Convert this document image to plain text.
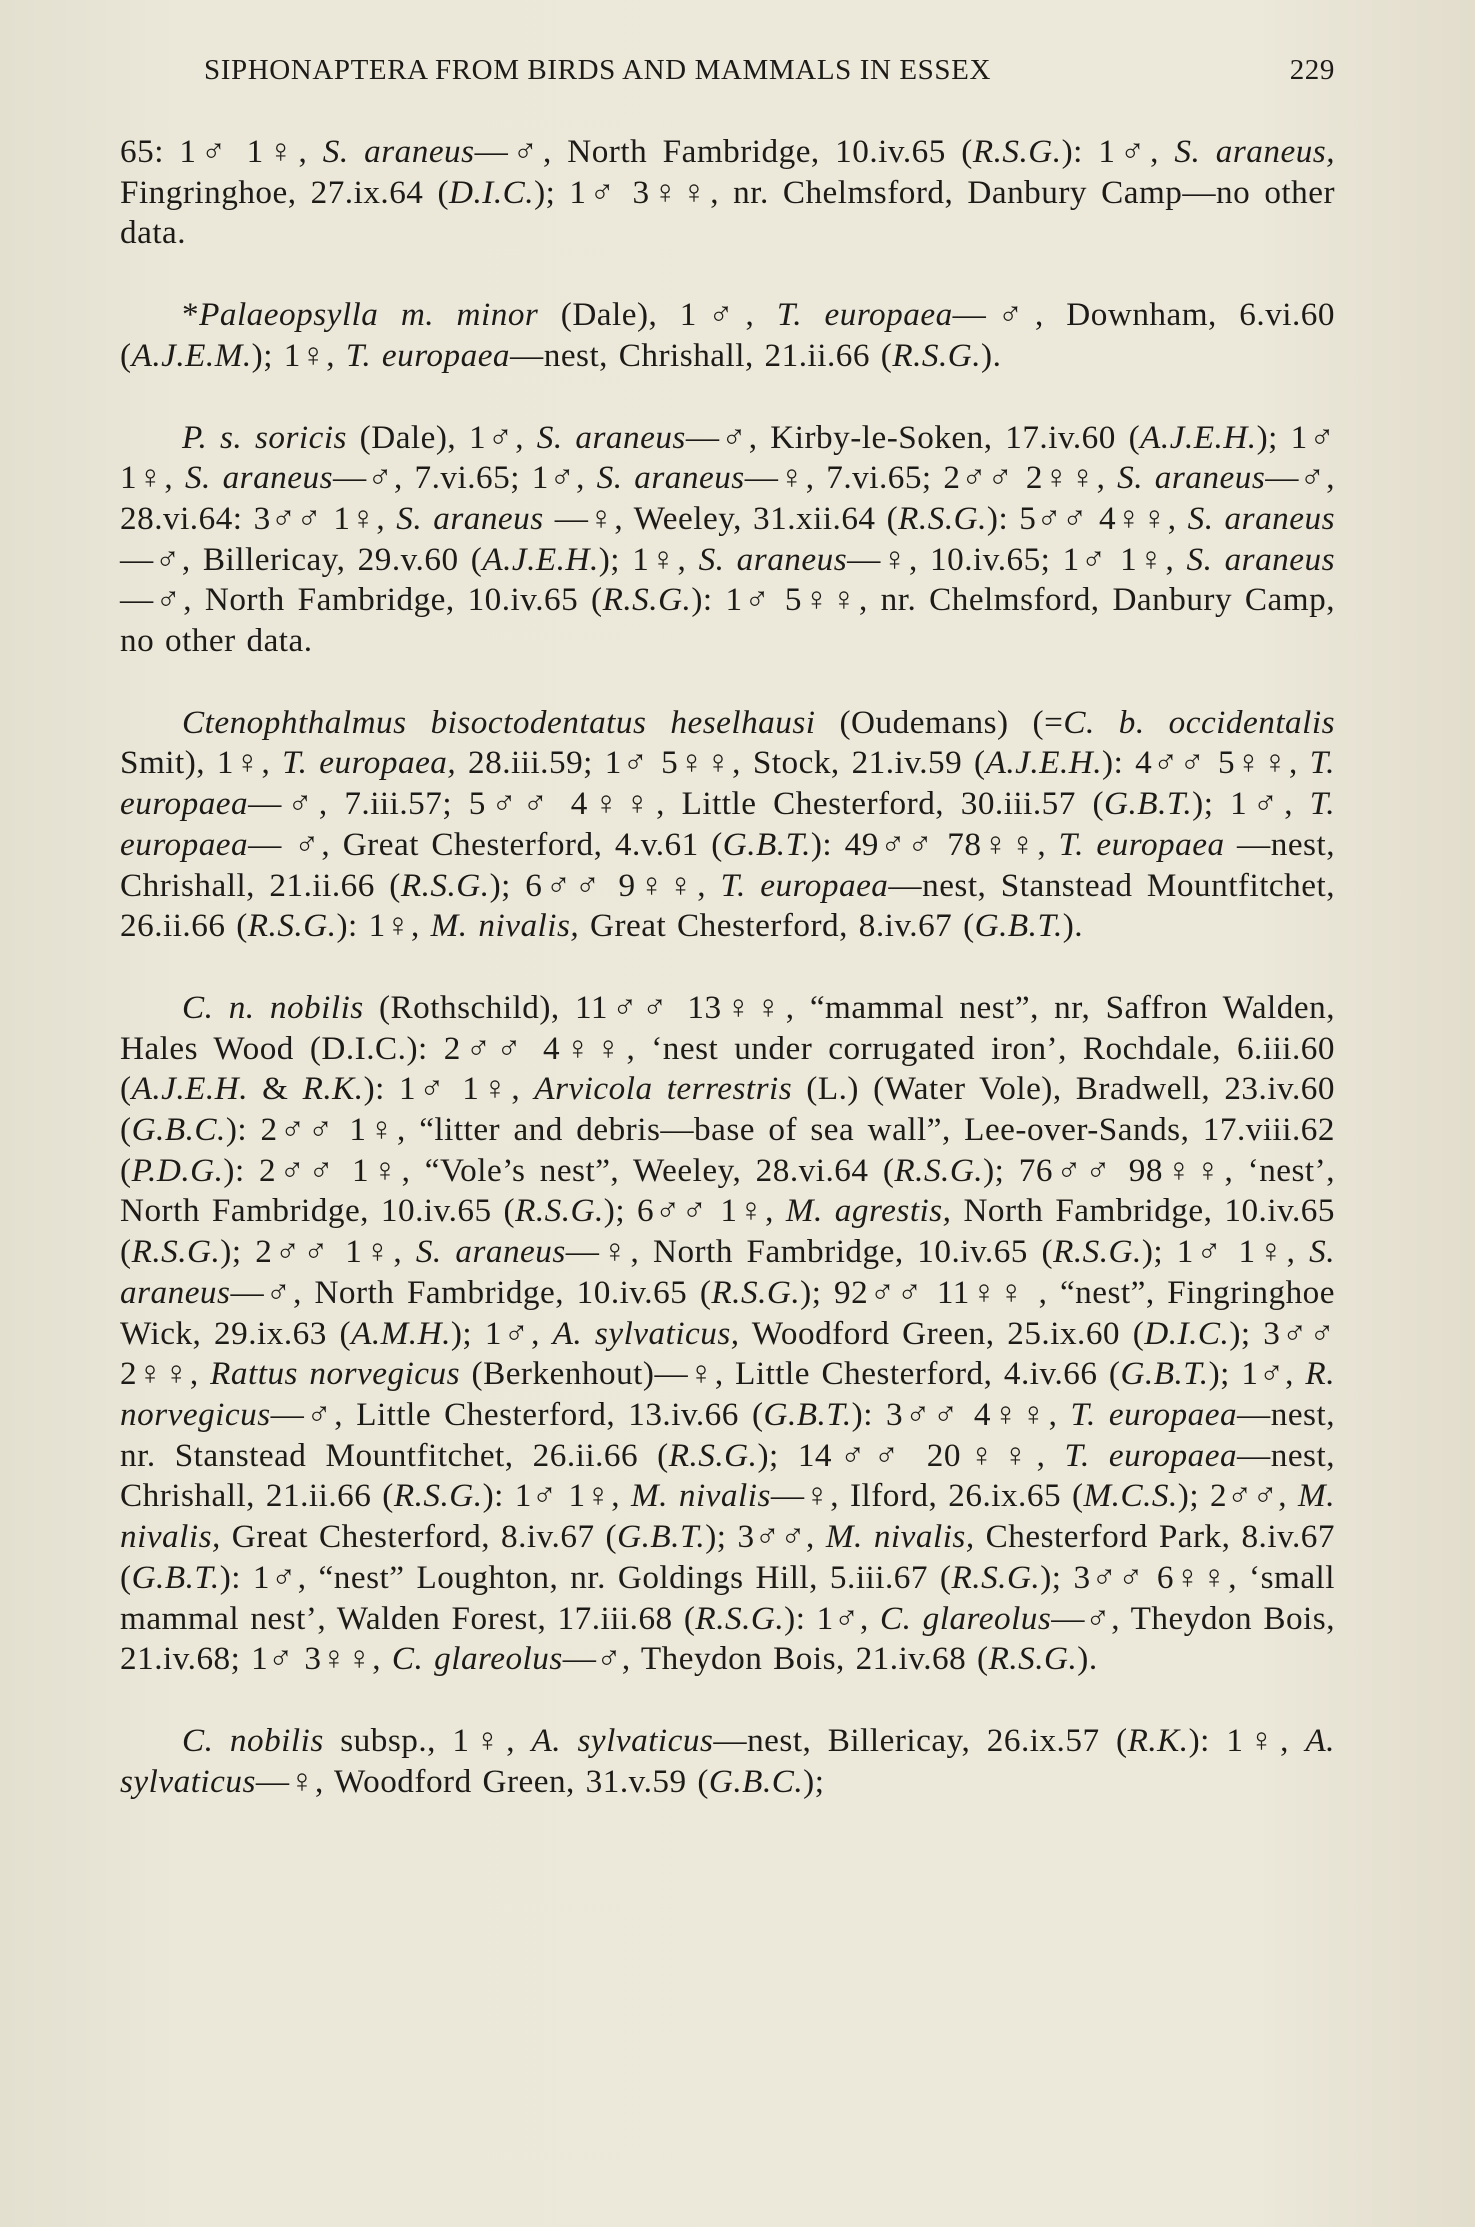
SIPHONAPTERA FROM BIRDS AND MAMMALS IN ESSEX	229

65: 1♂ 1♀, S. araneus—♂, North Fambridge, 10.iv.65 (R.S.G.): 1♂, S. araneus, Fingringhoe, 27.ix.64 (D.I.C.); 1♂ 3♀♀, nr. Chelmsford, Danbury Camp—no other data.

*Palaeopsylla m. minor (Dale), 1♂, T. europaea—♂, Downham, 6.vi.60 (A.J.E.M.); 1♀, T. europaea—nest, Chrishall, 21.ii.66 (R.S.G.).

P. s. soricis (Dale), 1♂, S. araneus—♂, Kirby-le-Soken, 17.iv.60 (A.J.E.H.); 1♂ 1♀, S. araneus—♂, 7.vi.65; 1♂, S. araneus—♀, 7.vi.65; 2♂♂ 2♀♀, S. araneus—♂, 28.vi.64: 3♂♂ 1♀, S. araneus —♀, Weeley, 31.xii.64 (R.S.G.): 5♂♂ 4♀♀, S. araneus—♂, Billericay, 29.v.60 (A.J.E.H.); 1♀, S. araneus—♀, 10.iv.65; 1♂ 1♀, S. araneus—♂, North Fambridge, 10.iv.65 (R.S.G.): 1♂ 5♀♀, nr. Chelmsford, Danbury Camp, no other data.

Ctenophthalmus bisoctodentatus heselhausi (Oudemans) (=C. b. occidentalis Smit), 1♀, T. europaea, 28.iii.59; 1♂ 5♀♀, Stock, 21.iv.59 (A.J.E.H.): 4♂♂ 5♀♀, T. europaea—♂, 7.iii.57; 5♂♂ 4♀♀, Little Chesterford, 30.iii.57 (G.B.T.); 1♂, T. europaea— ♂, Great Chesterford, 4.v.61 (G.B.T.): 49♂♂ 78♀♀, T. europaea —nest, Chrishall, 21.ii.66 (R.S.G.); 6♂♂ 9♀♀, T. europaea—nest, Stanstead Mountfitchet, 26.ii.66 (R.S.G.): 1♀, M. nivalis, Great Chesterford, 8.iv.67 (G.B.T.).

C. n. nobilis (Rothschild), 11♂♂ 13♀♀, “mammal nest”, nr, Saffron Walden, Hales Wood (D.I.C.): 2♂♂ 4♀♀, ‘nest under corrugated iron’, Rochdale, 6.iii.60 (A.J.E.H. & R.K.): 1♂ 1♀, Arvicola terrestris (L.) (Water Vole), Bradwell, 23.iv.60 (G.B.C.): 2♂♂ 1♀, “litter and debris—base of sea wall”, Lee-over-Sands, 17.viii.62 (P.D.G.): 2♂♂ 1♀, “Vole’s nest”, Weeley, 28.vi.64 (R.S.G.); 76♂♂ 98♀♀, ‘nest’, North Fambridge, 10.iv.65 (R.S.G.); 6♂♂ 1♀, M. agrestis, North Fambridge, 10.iv.65 (R.S.G.); 2♂♂ 1♀, S. araneus—♀, North Fambridge, 10.iv.65 (R.S.G.); 1♂ 1♀, S. araneus—♂, North Fambridge, 10.iv.65 (R.S.G.); 92♂♂ 11♀♀ , “nest”, Fingringhoe Wick, 29.ix.63 (A.M.H.); 1♂, A. sylvaticus, Woodford Green, 25.ix.60 (D.I.C.); 3♂♂ 2♀♀, Rattus norvegicus (Berkenhout)—♀, Little Chesterford, 4.iv.66 (G.B.T.); 1♂, R. norvegicus—♂, Little Chesterford, 13.iv.66 (G.B.T.): 3♂♂ 4♀♀, T. europaea—nest, nr. Stanstead Mountfitchet, 26.ii.66 (R.S.G.); 14♂♂ 20♀♀, T. europaea—nest, Chrishall, 21.ii.66 (R.S.G.): 1♂ 1♀, M. nivalis—♀, Ilford, 26.ix.65 (M.C.S.); 2♂♂, M. nivalis, Great Chesterford, 8.iv.67 (G.B.T.); 3♂♂, M. nivalis, Chesterford Park, 8.iv.67 (G.B.T.): 1♂, “nest” Loughton, nr. Goldings Hill, 5.iii.67 (R.S.G.); 3♂♂ 6♀♀, ‘small mammal nest’, Walden Forest, 17.iii.68 (R.S.G.): 1♂, C. glareolus—♂, Theydon Bois, 21.iv.68; 1♂ 3♀♀, C. glareolus—♂, Theydon Bois, 21.iv.68 (R.S.G.).

C. nobilis subsp., 1♀, A. sylvaticus—nest, Billericay, 26.ix.57 (R.K.): 1♀, A. sylvaticus—♀, Woodford Green, 31.v.59 (G.B.C.);
